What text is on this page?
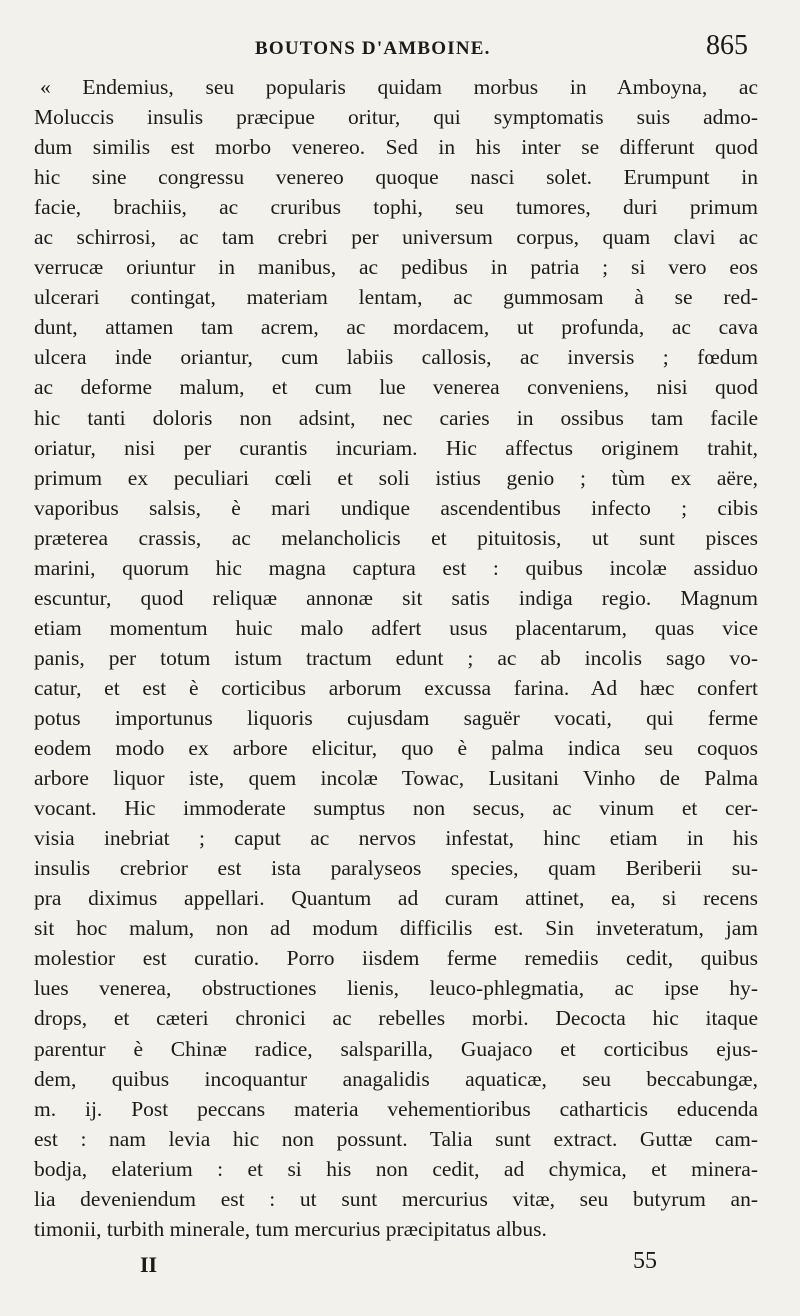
BOUTONS D'AMBOINE.	865
« Endemius, seu popularis quidam morbus in Amboyna, ac
Moluccis insulis præcipue oritur, qui symptomatis suis admo-
dum similis est morbo venereo. Sed in his inter se differunt quod
hic sine congressu venereo quoque nasci solet. Erumpunt in
facie, brachiis, ac cruribus tophi, seu tumores, duri primum
ac schirrosi, ac tam crebri per universum corpus, quam clavi ac
verrucæ oriuntur in manibus, ac pedibus in patria ; si vero eos
ulcerari contingat, materiam lentam, ac gummosam à se red-
dunt, attamen tam acrem, ac mordacem, ut profunda, ac cava
ulcera inde oriantur, cum labiis callosis, ac inversis ; fœdum
ac deforme malum, et cum lue venerea conveniens, nisi quod
hic tanti doloris non adsint, nec caries in ossibus tam facile
oriatur, nisi per curantis incuriam. Hic affectus originem trahit,
primum ex peculiari cœli et soli istius genio ; tùm ex aëre,
vaporibus salsis, è mari undique ascendentibus infecto ; cibis
præterea crassis, ac melancholicis et pituitosis, ut sunt pisces
marini, quorum hic magna captura est : quibus incolæ assiduo
escuntur, quod reliquæ annonæ sit satis indiga regio. Magnum
etiam momentum huic malo adfert usus placentarum, quas vice
panis, per totum istum tractum edunt ; ac ab incolis sago vo-
catur, et est è corticibus arborum excussa farina. Ad hæc confert
potus importunus liquoris cujusdam saguër vocati, qui ferme
eodem modo ex arbore elicitur, quo è palma indica seu coquos
arbore liquor iste, quem incolæ Towac, Lusitani Vinho de Palma
vocant. Hic immoderate sumptus non secus, ac vinum et cer-
visia inebriat ; caput ac nervos infestat, hinc etiam in his
insulis crebrior est ista paralyseos species, quam Beriberii su-
pra diximus appellari. Quantum ad curam attinet, ea, si recens
sit hoc malum, non ad modum difficilis est. Sin inveteratum, jam
molestior est curatio. Porro iisdem ferme remediis cedit, quibus
lues venerea, obstructiones lienis, leuco-phlegmatia, ac ipse hy-
drops, et cæteri chronici ac rebelles morbi. Decocta hic itaque
parentur è Chinæ radice, salsparilla, Guajaco et corticibus ejus-
dem, quibus incoquantur anagalidis aquaticæ, seu beccabungæ,
m. ij. Post peccans materia vehementioribus catharticis educenda
est : nam levia hic non possunt. Talia sunt extract. Guttæ cam-
bodja, elaterium : et si his non cedit, ad chymica, et minera-
lia deveniendum est : ut sunt mercurius vitæ, seu butyrum an-
timonii, turbith minerale, tum mercurius præcipitatus albus.
II	55
